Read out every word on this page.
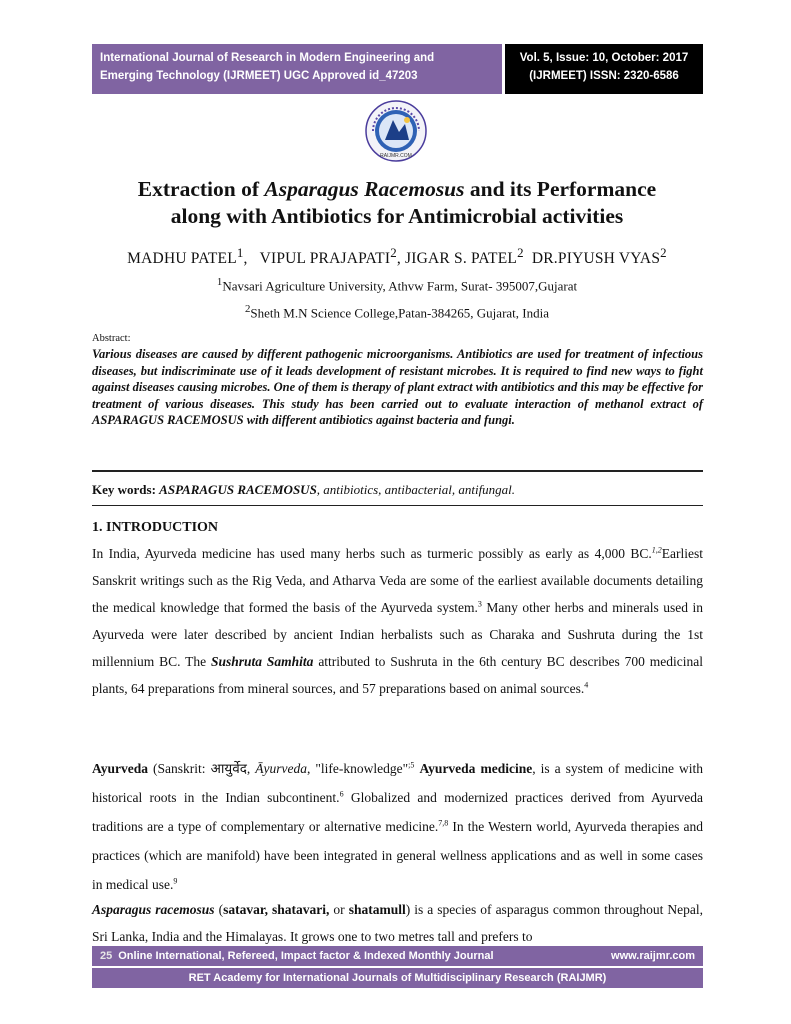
International Journal of Research in Modern Engineering and
Emerging Technology (IJRMEET) UGC Approved id_47203
Vol. 5, Issue: 10, October: 2017
(IJRMEET) ISSN: 2320-6586
RAIJMR.COM
Extraction of Asparagus Racemosus and its Performance
along with Antibiotics for Antimicrobial activities
MADHU PATEL$^1$,   VIPUL PRAJAPATI$^2$, JIGAR S. PATEL$^2$ DR.PIYUSH VYAS$^2$
$^1$Navsari Agriculture University, Athvw Farm, Surat- 395007,Gujarat
$^2$Sheth M.N Science College,Patan-384265, Gujarat, India
Abstract:
Various diseases are caused by different pathogenic microorganisms. Antibiotics are used for treatment of infectious diseases, but indiscriminate use of it leads development of resistant microbes. It is required to find new ways to fight against diseases causing microbes. One of them is therapy of plant extract with antibiotics and this may be effective for treatment of various diseases. This study has been carried out to evaluate interaction of methanol extract of ASPARAGUS RACEMOSUS with different antibiotics against bacteria and fungi.
Key words: ASPARAGUS RACEMOSUS, antibiotics, antibacterial, antifungal.
1. INTRODUCTION
In India, Ayurveda medicine has used many herbs such as turmeric possibly as early as 4,000 BC.$^{1,2}$Earliest Sanskrit writings such as the Rig Veda, and Atharva Veda are some of the earliest available documents detailing the medical knowledge that formed the basis of the Ayurveda system.$^3$ Many other herbs and minerals used in Ayurveda were later described by ancient Indian herbalists such as Charaka and Sushruta during the 1st millennium BC. The Sushruta Samhita attributed to Sushruta in the 6th century BC describes 700 medicinal plants, 64 preparations from mineral sources, and 57 preparations based on animal sources.$^4$
Ayurveda (Sanskrit: आयुर्वेद, Āyurveda, "life-knowledge"$^{;5}$ Ayurveda medicine, is a system of medicine with historical roots in the Indian subcontinent.$^6$ Globalized and modernized practices derived from Ayurveda traditions are a type of complementary or alternative medicine.$^{7,8}$ In the Western world, Ayurveda therapies and practices (which are manifold) have been integrated in general wellness applications and as well in some cases in medical use.$^9$
Asparagus racemosus (satavar, shatavari, or shatamull) is a species of asparagus common throughout Nepal, Sri Lanka, India and the Himalayas. It grows one to two metres tall and prefers to
25 Online International, Refereed, Impact factor & Indexed Monthly Journal	www.raijmr.com
RET Academy for International Journals of Multidisciplinary Research (RAIJMR)
